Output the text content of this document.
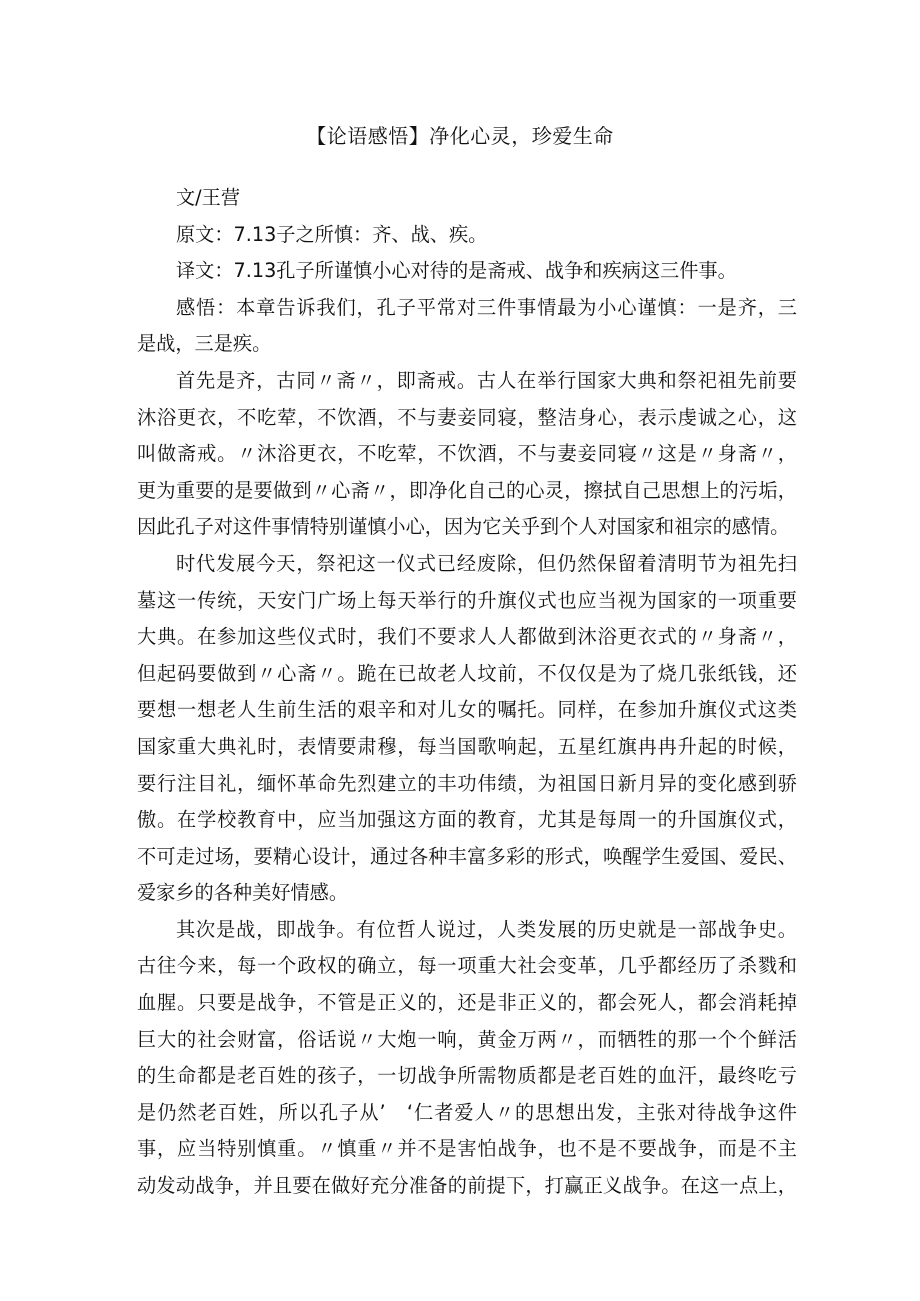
【论语感悟】净化心灵，珍爱生命
文/王营
原文：7.13子之所慎：齐、战、疾。
译文：7.13孔子所谨慎小心对待的是斋戒、战争和疾病这三件事。
感悟：本章告诉我们，孔子平常对三件事情最为小心谨慎：一是齐，三
是战，三是疾。
首先是齐，古同〃斋〃，即斋戒。古人在举行国家大典和祭祀祖先前要
沐浴更衣，不吃荤，不饮酒，不与妻妾同寝，整洁身心，表示虔诚之心，这
叫做斋戒。〃沐浴更衣，不吃荤，不饮酒，不与妻妾同寝〃这是〃身斋〃，
更为重要的是要做到〃心斋〃，即净化自己的心灵，擦拭自己思想上的污垢，
因此孔子对这件事情特别谨慎小心，因为它关乎到个人对国家和祖宗的感情。
时代发展今天，祭祀这一仪式已经废除，但仍然保留着清明节为祖先扫
墓这一传统，天安门广场上每天举行的升旗仪式也应当视为国家的一项重要
大典。在参加这些仪式时，我们不要求人人都做到沐浴更衣式的〃身斋〃，
但起码要做到〃心斋〃。跪在已故老人坟前，不仅仅是为了烧几张纸钱，还
要想一想老人生前生活的艰辛和对儿女的嘱托。同样，在参加升旗仪式这类
国家重大典礼时，表情要肃穆，每当国歌响起，五星红旗冉冉升起的时候，
要行注目礼，缅怀革命先烈建立的丰功伟绩，为祖国日新月异的变化感到骄
傲。在学校教育中，应当加强这方面的教育，尤其是每周一的升国旗仪式，
不可走过场，要精心设计，通过各种丰富多彩的形式，唤醒学生爱国、爱民、
爱家乡的各种美好情感。
其次是战，即战争。有位哲人说过，人类发展的历史就是一部战争史。
古往今来，每一个政权的确立，每一项重大社会变革，几乎都经历了杀戮和
血腥。只要是战争，不管是正义的，还是非正义的，都会死人，都会消耗掉
巨大的社会财富，俗话说〃大炮一响，黄金万两〃，而牺牲的那一个个鲜活
的生命都是老百姓的孩子，一切战争所需物质都是老百姓的血汗，最终吃亏
是仍然老百姓，所以孔子从’　‘仁者爱人〃的思想出发，主张对待战争这件
事，应当特别慎重。〃慎重〃并不是害怕战争，也不是不要战争，而是不主
动发动战争，并且要在做好充分准备的前提下，打赢正义战争。在这一点上，
